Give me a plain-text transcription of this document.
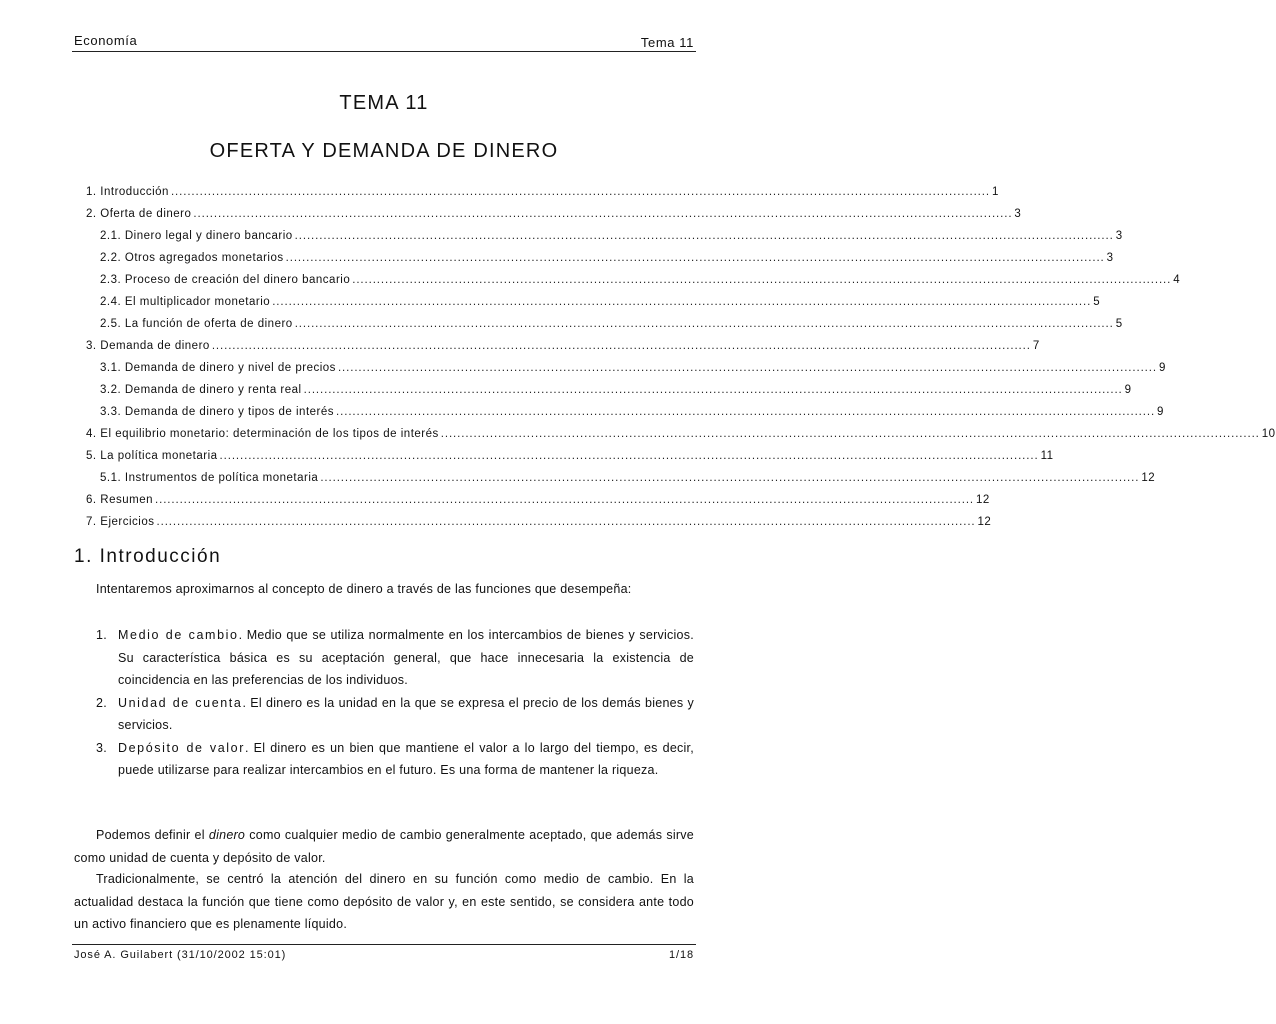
Economía	Tema 11
TEMA 11
OFERTA Y DEMANDA DE DINERO
1. Introducción ........................................................................................................................................................................................................ 1
2. Oferta de dinero ........................................................................................................................................................................................................ 3
2.1. Dinero legal y dinero bancario ........................................................................................................................................................................................................ 3
2.2. Otros agregados monetarios ........................................................................................................................................................................................................ 3
2.3. Proceso de creación del dinero bancario ........................................................................................................................................................................................................ 4
2.4. El multiplicador monetario ........................................................................................................................................................................................................ 5
2.5. La función de oferta de dinero ........................................................................................................................................................................................................ 5
3. Demanda de dinero ........................................................................................................................................................................................................ 7
3.1. Demanda de dinero y nivel de precios ........................................................................................................................................................................................................ 9
3.2. Demanda de dinero y renta real ........................................................................................................................................................................................................ 9
3.3. Demanda de dinero y tipos de interés ........................................................................................................................................................................................................ 9
4. El equilibrio monetario: determinación de los tipos de interés ........................................................................................................................................................................................................ 10
5. La política monetaria ........................................................................................................................................................................................................ 11
5.1. Instrumentos de política monetaria ........................................................................................................................................................................................................ 12
6. Resumen ........................................................................................................................................................................................................ 12
7. Ejercicios ........................................................................................................................................................................................................ 12
1. Introducción
Intentaremos aproximarnos al concepto de dinero a través de las funciones que desempeña:
1. Medio de cambio. Medio que se utiliza normalmente en los intercambios de bienes y servicios. Su característica básica es su aceptación general, que hace innecesaria la existencia de coincidencia en las preferencias de los individuos.
2. Unidad de cuenta. El dinero es la unidad en la que se expresa el precio de los demás bienes y servicios.
3. Depósito de valor. El dinero es un bien que mantiene el valor a lo largo del tiempo, es decir, puede utilizarse para realizar intercambios en el futuro. Es una forma de mantener la riqueza.
Podemos definir el dinero como cualquier medio de cambio generalmente aceptado, que además sirve como unidad de cuenta y depósito de valor.
Tradicionalmente, se centró la atención del dinero en su función como medio de cambio. En la actualidad destaca la función que tiene como depósito de valor y, en este sentido, se considera ante todo un activo financiero que es plenamente líquido.
José A. Guilabert (31/10/2002 15:01)	1/18
